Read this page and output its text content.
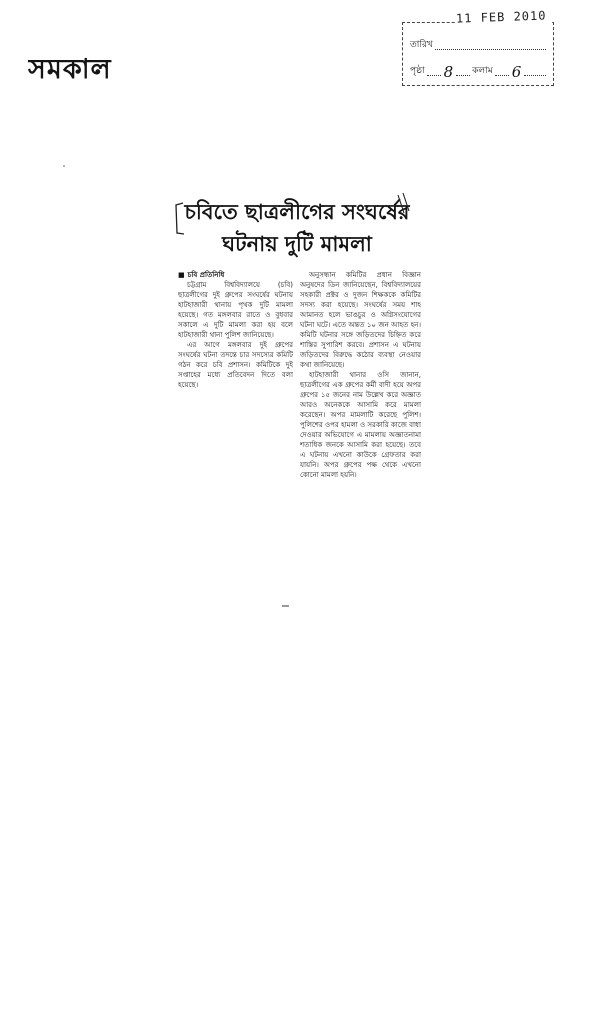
সমকাল
তারিখ
পৃষ্ঠা 8 কলাম 6
11 FEB 2010
চবিতে ছাত্রলীগের সংঘর্ষের
ঘটনায় দুটি মামলা
■ চবি প্রতিনিধি

চট্টগ্রাম বিশ্ববিদ্যালয়ে (চবি) ছাত্রলীগের দুই গ্রুপের সংঘর্ষের ঘটনায় হাটহাজারী থানায় পৃথক দুটি মামলা হয়েছে। গত মঙ্গলবার রাতে ও বুধবার সকালে এ দুটি মামলা করা হয় বলে হাটহাজারী থানা পুলিশ জানিয়েছে।

এর আগে মঙ্গলবার দুই গ্রুপের সংঘর্ষের ঘটনা তদন্তে চার সদস্যের কমিটি গঠন করে চবি প্রশাসন। কমিটিকে দুই সপ্তাহের মধ্যে প্রতিবেদন দিতে বলা হয়েছে।

অনুসন্ধান কমিটির প্রধান বিজ্ঞান অনুষদের ডিন জানিয়েছেন, বিশ্ববিদ্যালয়ের সহকারী প্রক্টর ও দুজন শিক্ষককে কমিটির সদস্য করা হয়েছে। সংঘর্ষের সময় শাহ আমানত হলে ভাঙচুর ও অগ্নিসংযোগের ঘটনা ঘটে। এতে অন্তত ১০ জন আহত হন। কমিটি ঘটনার সঙ্গে জড়িতদের চিহ্নিত করে শাস্তির সুপারিশ করবে। প্রশাসন এ ঘটনায় জড়িতদের বিরুদ্ধে কঠোর ব্যবস্থা নেওয়ার কথা জানিয়েছে।

হাটহাজারী থানার ওসি জানান, ছাত্রলীগের এক গ্রুপের কর্মী বাদী হয়ে অপর গ্রুপের ১৫ জনের নাম উল্লেখ করে অজ্ঞাত আরও অনেককে আসামি করে মামলা করেছেন। অপর মামলাটি করেছে পুলিশ। পুলিশের ওপর হামলা ও সরকারি কাজে বাধা দেওয়ার অভিযোগে এ মামলায় অজ্ঞাতনামা শতাধিক জনকে আসামি করা হয়েছে। তবে এ ঘটনায় এখনো কাউকে গ্রেফতার করা যায়নি। অপর গ্রুপের পক্ষ থেকে এখনো কোনো মামলা হয়নি।
